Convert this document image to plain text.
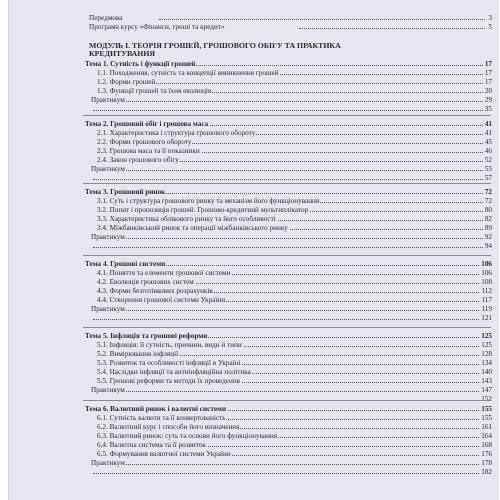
Передмова	3
Програма курсу «Фінанси, гроші та кредит»	5
МОДУЛЬ І. ТЕОРІЯ ГРОШЕЙ, ГРОШОВОГО ОБІГУ ТА ПРАКТИКА
КРЕДИТУВАННЯ
Тема 1. Сутність і функції грошей	17
1.1. Походження, сутність та концепції виникнення грошей	17
1.2. Форми грошей	17
1.3. Функції грошей та їхня еволюція	20
Практикум	29
35
Тема 2. Грошовий обіг і грошова маса	41
2.1. Характеристика і структура грошового обороту	41
2.2. Форми грошового обороту	45
2.3. Грошова маса та її показники	46
2.4. Закон грошового обігу	52
Практикум	55
57
Тема 3. Грошовий ринок	72
3.1. Суть і структура грошового ринку та механізм його функціонування	72
3.2. Попит і пропозиція грошей. Грошово-кредитний мультиплікатор	80
3.3. Характеристика облікового ринку та його особливості	82
3.4. Міжбанківський ринок та операції міжбанківського ринку	89
Практикум	92
94
Тема 4. Грошові системи	106
4.1. Поняття та елементи грошової системи	106
4.2. Еволюція грошових систем	108
4.3. Форми безготівкових розрахунків	112
4.4. Створення грошової системи України	117
Практикум	119
121
Тема 5. Інфляція та грошові реформи	125
5.1. Інфляція: її сутність, причини, види й типи	125
5.2. Вимірювання інфляції	128
5.3. Розвиток та особливості інфляції в Україні	134
5.4. Наслідки інфляції та антиінфляційна політика	140
5.5. Грошові реформи та методи їх проведення	143
Практикум	147
152
Тема 6. Валютний ринок і валютні системи	155
6.1. Сутність валюти та її конвертованість	155
6.2. Валютний курс і способи його визначення	161
6.3. Валютний ринок: суть та основи його функціонування	164
6.4. Валютна система та її розвиток	168
6.5. Формування валютної системи України	176
Практикум	178
182
